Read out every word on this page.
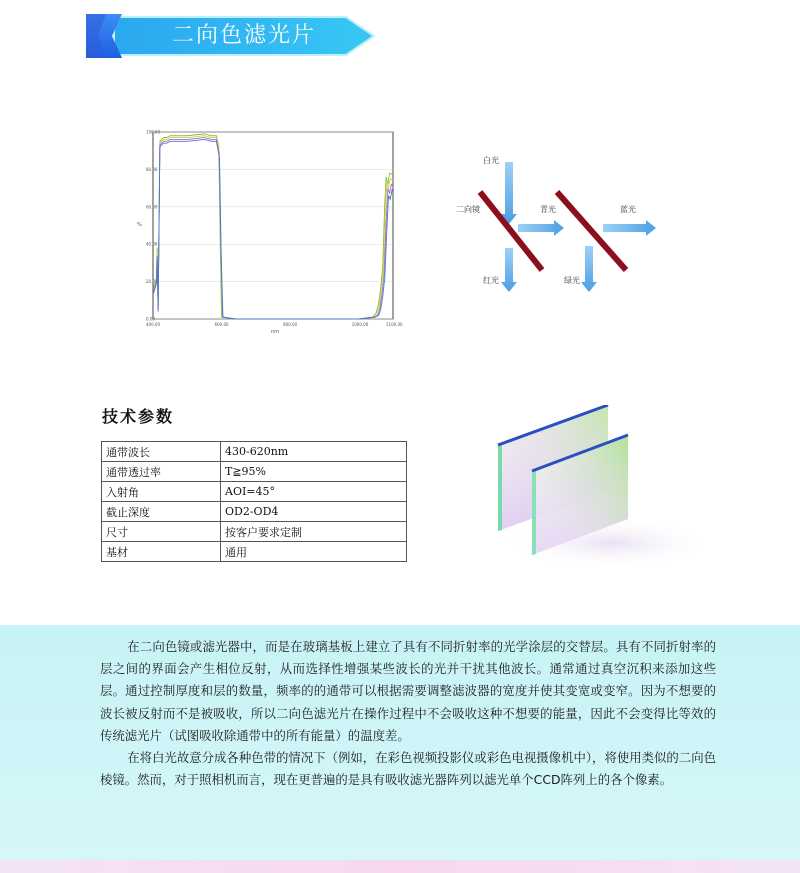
二向色滤光片
100.00
80.00
60.00
40.00
20.00
0.00
400.00	600.00	800.00	1000.00	1100.00
%
nm
白光
二向镜	青光	蓝光
红光	绿光
技术参数
通带波长	430-620nm
通带透过率	T≧95%
入射角	AOI=45°
截止深度	OD2-OD4
尺寸	按客户要求定制
基材	通用

在二向色镜或滤光器中，而是在玻璃基板上建立了具有不同折射率的光学涂层的交替层。具有不同折射率的层之间的界面会产生相位反射，从而选择性增强某些波长的光并干扰其他波长。通常通过真空沉积来添加这些层。通过控制厚度和层的数量，频率的的通带可以根据需要调整滤波器的宽度并使其变宽或变窄。因为不想要的波长被反射而不是被吸收，所以二向色滤光片在操作过程中不会吸收这种不想要的能量，因此不会变得比等效的传统滤光片（试图吸收除通带中的所有能量）的温度差。

在将白光故意分成各种色带的情况下（例如，在彩色视频投影仪或彩色电视摄像机中），将使用类似的二向色棱镜。然而，对于照相机而言，现在更普遍的是具有吸收滤光器阵列以滤光单个CCD阵列上的各个像素。
